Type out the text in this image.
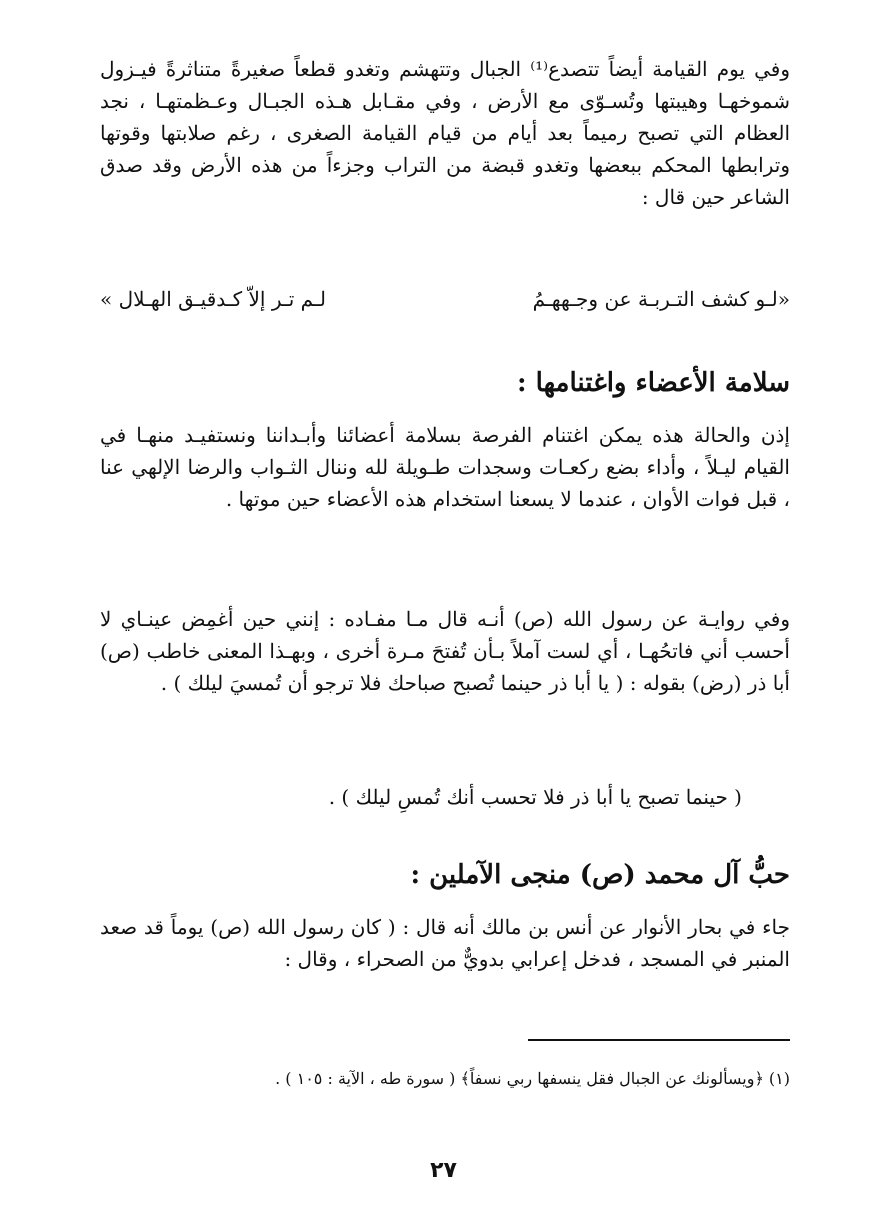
وفي يوم القيامة أيضاً تتصدع⁽¹⁾ الجبال وتتهشم وتغدو قطعاً صغيرةً متناثرةً فيـزول شموخهـا وهيبتها وتُسـوّى مع الأرض ، وفي مقـابل هـذه الجبـال وعـظمتهـا ، نجد العظام التي تصبح رميماً بعد أيام من قيام القيامة الصغرى ، رغم صلابتها وقوتها وترابطها المحكم ببعضها وتغدو قبضة من التراب وجزءاً من هذه الأرض وقد صدق الشاعر حين قال :

«لـو كشف التـربـة عن وجـههـمُ
لـم تـر إلاّ كـدقيـق الهـلال »
سلامة الأعضاء واغتنامها :

إذن والحالة هذه يمكن اغتنام الفرصة بسلامة أعضائنا وأبـداننا ونستفيـد منهـا في القيام ليـلاً ، وأداء بضع ركعـات وسجدات طـويلة لله وننال الثـواب والرضا الإلهي عنا ، قبل فوات الأوان ، عندما لا يسعنا استخدام هذه الأعضاء حين موتها .

وفي روايـة عن رسول الله (ص) أنـه قال مـا مفـاده : إنني حين أغمِض عينـاي لا أحسب أني فاتحُهـا ، أي لست آملاً بـأن تُفتحَ مـرة أخرى ، وبهـذا المعنى خاطب (ص) أبا ذر (رض) بقوله : ( يا أبا ذر حينما تُصبح صباحك فلا ترجو أن تُمسيَ ليلك ) .

( حينما تصبح يا أبا ذر فلا تحسب أنك تُمسِ ليلك ) .

حبُّ آل محمد (ص) منجى الآملين :

جاء في بحار الأنوار عن أنس بن مالك أنه قال : ( كان رسول الله (ص) يوماً قد صعد المنبر في المسجد ، فدخل إعرابي بدويٌّ من الصحراء ، وقال :

(١) ﴿ويسألونك عن الجبال فقل ينسفها ربي نسفاً﴾ ( سورة طه ، الآية : ١٠٥ ) .

٢٧
